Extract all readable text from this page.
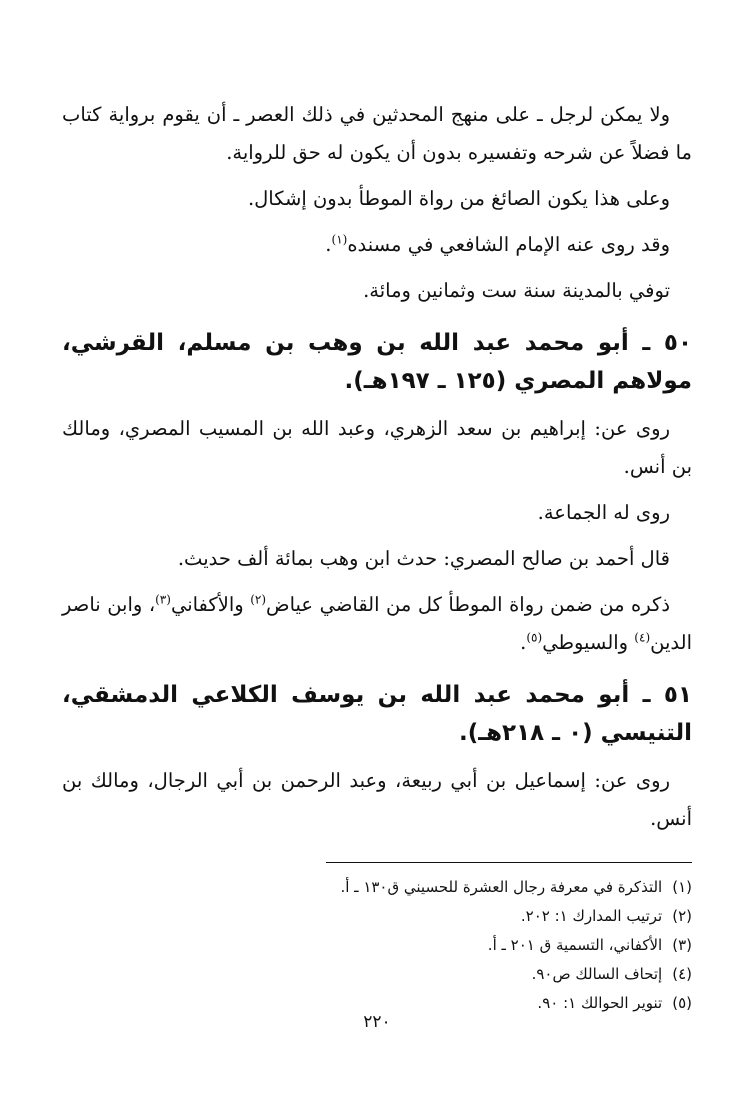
ولا يمكن لرجل ـ على منهج المحدثين في ذلك العصر ـ أن يقوم برواية كتاب ما فضلاً عن شرحه وتفسيره بدون أن يكون له حق للرواية.

وعلى هذا يكون الصائغ من رواة الموطأ بدون إشكال.

وقد روى عنه الإمام الشافعي في مسنده$^{(١)}$.

توفي بالمدينة سنة ست وثمانين ومائة.

٥٠ ـ أبو محمد عبد الله بن وهب بن مسلم، القرشي، مولاهم المصري (١٢٥ ـ ١٩٧هـ).

روى عن: إبراهيم بن سعد الزهري، وعبد الله بن المسيب المصري، ومالك بن أنس.

روى له الجماعة.

قال أحمد بن صالح المصري: حدث ابن وهب بمائة ألف حديث.

ذكره من ضمن رواة الموطأ كل من القاضي عياض$^{(٢)}$ والأكفاني$^{(٣)}$، وابن ناصر الدين$^{(٤)}$ والسيوطي$^{(٥)}$.

٥١ ـ أبو محمد عبد الله بن يوسف الكلاعي الدمشقي، التنيسي (٠ ـ ٢١٨هـ).

روى عن: إسماعيل بن أبي ربيعة، وعبد الرحمن بن أبي الرجال، ومالك بن أنس.

(١)التذكرة في معرفة رجال العشرة للحسيني ق١٣٠ ـ أ.
(٢)ترتيب المدارك ١: ٢٠٢.
(٣)الأكفاني، التسمية ق ٢٠١ ـ أ.
(٤)إتحاف السالك ص٩٠.
(٥)تنوير الحوالك ١: ٩٠.
٢٢٠
